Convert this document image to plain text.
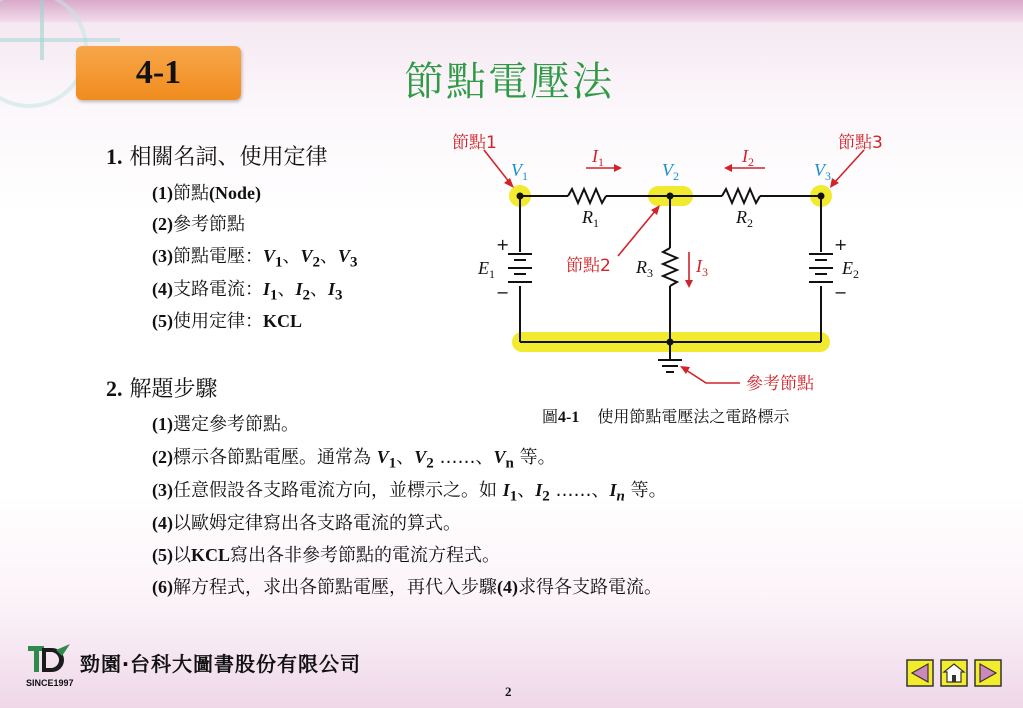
4-1	節點電壓法
1. 相關名詞、使用定律
(1)節點(Node)
(2)參考節點
(3)節點電壓：$V_1$、$V_2$、$V_3$
(4)支路電流：$I_1$、$I_2$、$I_3$
(5)使用定律：KCL
2. 解題步驟
(1)選定參考節點。
(2)標示各節點電壓。通常為 $V_1$、$V_2$ ……、$V_n$ 等。
(3)任意假設各支路電流方向，並標示之。如 $I_1$、$I_2$ ……、$I_n$ 等。
(4)以歐姆定律寫出各支路電流的算式。
(5)以KCL寫出各非參考節點的電流方程式。
(6)解方程式，求出各節點電壓，再代入步驟(4)求得各支路電流。
節點1	節點3
節點2
參考節點
$V_1$	$V_2$	$V_3$
$I_1$	$I_2$
$I_3$
$R_1$	$R_2$
$R_3$
$E_1$	$E_2$
+
−
+
−
圖4-1 使用節點電壓法之電路標示
勁園‧台科大圖書股份有限公司
SINCE1997
2
